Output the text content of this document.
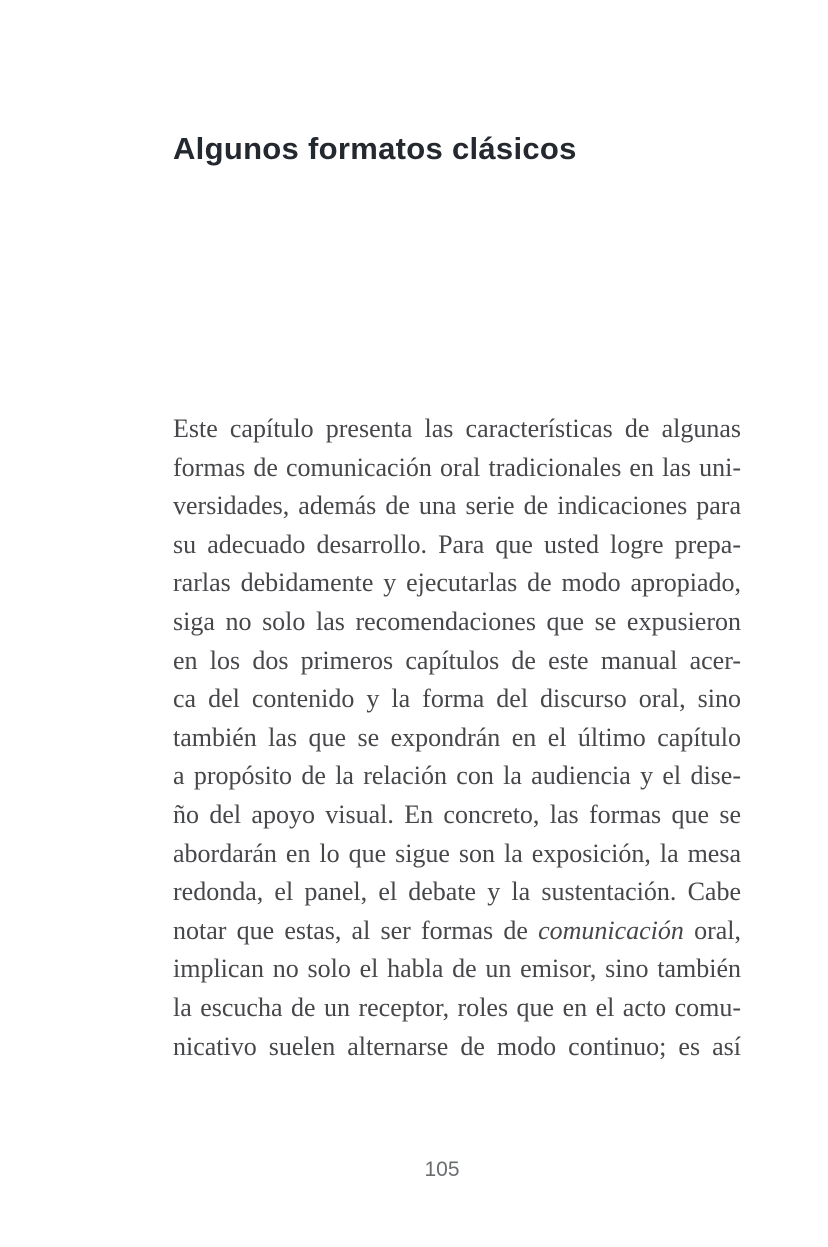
Algunos formatos clásicos
Este capítulo presenta las características de algunas
formas de comunicación oral tradicionales en las uni-
versidades, además de una serie de indicaciones para
su adecuado desarrollo. Para que usted logre prepa-
rarlas debidamente y ejecutarlas de modo apropiado,
siga no solo las recomendaciones que se expusieron
en los dos primeros capítulos de este manual acer-
ca del contenido y la forma del discurso oral, sino
también las que se expondrán en el último capítulo
a propósito de la relación con la audiencia y el dise-
ño del apoyo visual. En concreto, las formas que se
abordarán en lo que sigue son la exposición, la mesa
redonda, el panel, el debate y la sustentación. Cabe
notar que estas, al ser formas de comunicación oral,
implican no solo el habla de un emisor, sino también
la escucha de un receptor, roles que en el acto comu-
nicativo suelen alternarse de modo continuo; es así
105
